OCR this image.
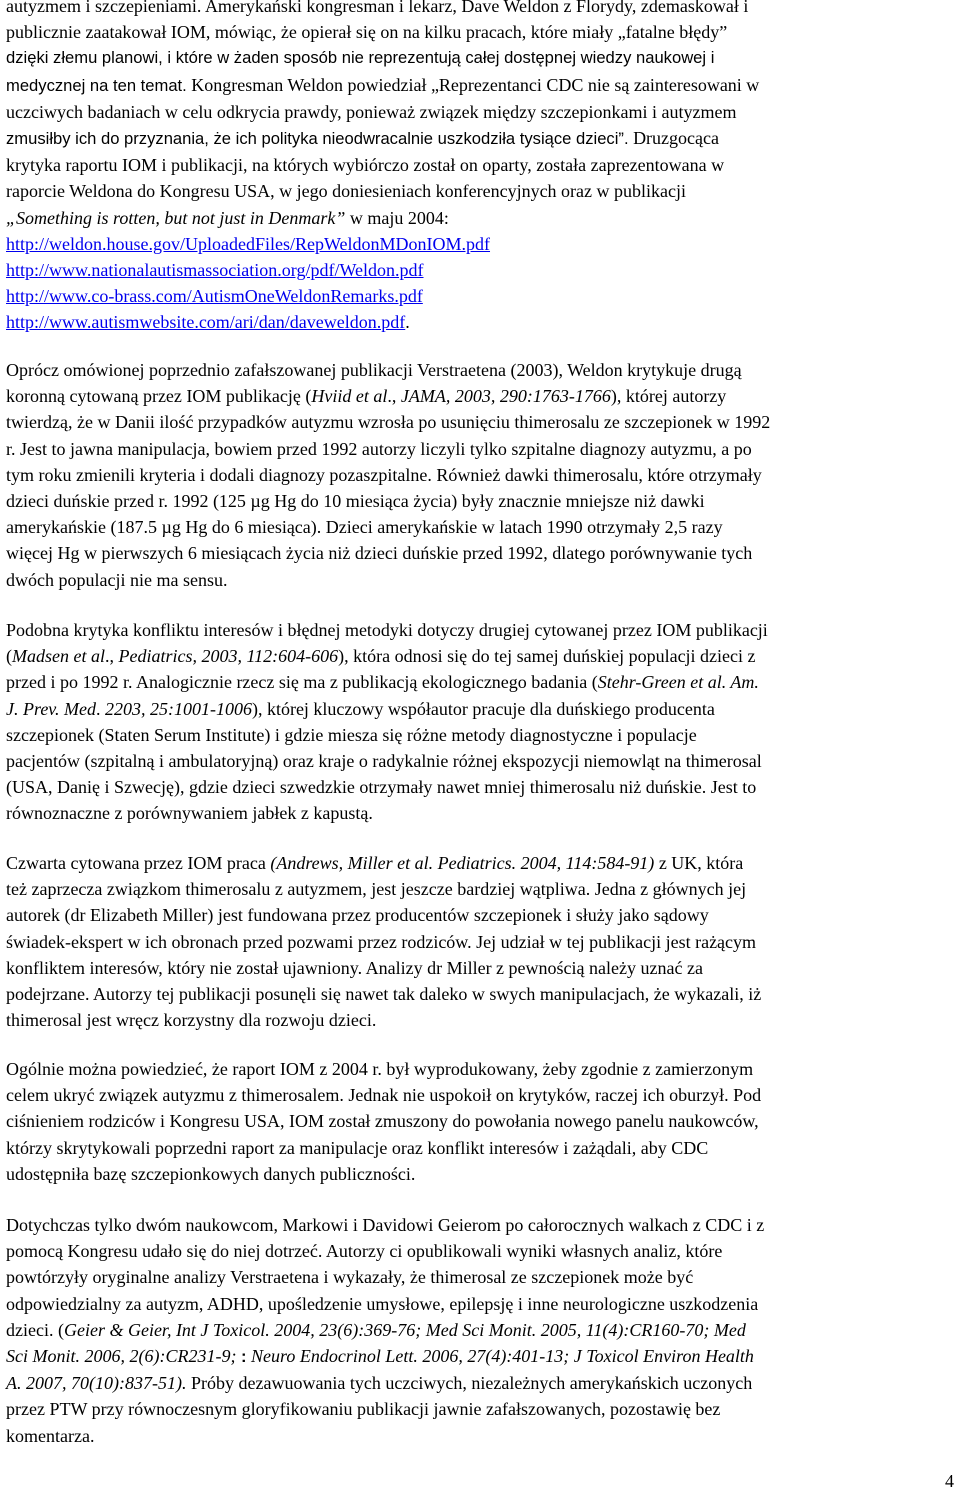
autyzmem i szczepieniami. Amerykański kongresman i lekarz, Dave Weldon z Florydy, zdemaskował i
publicznie zaatakował IOM, mówiąc, że opierał się on na kilku pracach, które miały „fatalne błędy”
dzięki złemu planowi, i które w żaden sposób nie reprezentują całej dostępnej wiedzy naukowej i
medycznej na ten temat. Kongresman Weldon powiedział „Reprezentanci CDC nie są zainteresowani w
uczciwych badaniach w celu odkrycia prawdy, ponieważ związek między szczepionkami i autyzmem
zmusiłby ich do przyznania, że ich polityka nieodwracalnie uszkodziła tysiące dzieci”. Druzgocąca
krytyka raportu IOM i publikacji, na których wybiórczo został on oparty, została zaprezentowana w
raporcie Weldona do Kongresu USA, w jego doniesieniach konferencyjnych oraz w publikacji
„Something is rotten, but not just in Denmark” w maju 2004:
http://weldon.house.gov/UploadedFiles/RepWeldonMDonIOM.pdf
http://www.nationalautismassociation.org/pdf/Weldon.pdf
http://www.co-brass.com/AutismOneWeldonRemarks.pdf
http://www.autismwebsite.com/ari/dan/daveweldon.pdf.
Oprócz omówionej poprzednio zafałszowanej publikacji Verstraetena (2003), Weldon krytykuje drugą
koronną cytowaną przez IOM publikację (Hviid et al., JAMA, 2003, 290:1763-1766), której autorzy
twierdzą, że w Danii ilość przypadków autyzmu wzrosła po usunięciu thimerosalu ze szczepionek w 1992
r. Jest to jawna manipulacja, bowiem przed 1992 autorzy liczyli tylko szpitalne diagnozy autyzmu, a po
tym roku zmienili kryteria i dodali diagnozy pozaszpitalne. Również dawki thimerosalu, które otrzymały
dzieci duńskie przed r. 1992 (125 µg Hg do 10 miesiąca życia) były znacznie mniejsze niż dawki
amerykańskie (187.5 µg Hg do 6 miesiąca). Dzieci amerykańskie w latach 1990 otrzymały 2,5 razy
więcej Hg w pierwszych 6 miesiącach życia niż dzieci duńskie przed 1992, dlatego porównywanie tych
dwóch populacji nie ma sensu.
Podobna krytyka konfliktu interesów i błędnej metodyki dotyczy drugiej cytowanej przez IOM publikacji
(Madsen et al., Pediatrics, 2003, 112:604-606), która odnosi się do tej samej duńskiej populacji dzieci z
przed i po 1992 r. Analogicznie rzecz się ma z publikacją ekologicznego badania (Stehr-Green et al. Am.
J. Prev. Med. 2203, 25:1001-1006), której kluczowy współautor pracuje dla duńskiego producenta
szczepionek (Staten Serum Institute) i gdzie miesza się różne metody diagnostyczne i populacje
pacjentów (szpitalną i ambulatoryjną) oraz kraje o radykalnie różnej ekspozycji niemowląt na thimerosal
(USA, Danię i Szwecję), gdzie dzieci szwedzkie otrzymały nawet mniej thimerosalu niż duńskie. Jest to
równoznaczne z porównywaniem jabłek z kapustą.
Czwarta cytowana przez IOM praca (Andrews, Miller et al. Pediatrics. 2004, 114:584-91) z UK, która
też zaprzecza związkom thimerosalu z autyzmem, jest jeszcze bardziej wątpliwa. Jedna z głównych jej
autorek (dr Elizabeth Miller) jest fundowana przez producentów szczepionek i służy jako sądowy
świadek-ekspert w ich obronach przed pozwami przez rodziców. Jej udział w tej publikacji jest rażącym
konfliktem interesów, który nie został ujawniony. Analizy dr Miller z pewnością należy uznać za
podejrzane. Autorzy tej publikacji posunęli się nawet tak daleko w swych manipulacjach, że wykazali, iż
thimerosal jest wręcz korzystny dla rozwoju dzieci.
Ogólnie można powiedzieć, że raport IOM z 2004 r. był wyprodukowany, żeby zgodnie z zamierzonym
celem ukryć związek autyzmu z thimerosalem. Jednak nie uspokoił on krytyków, raczej ich oburzył. Pod
ciśnieniem rodziców i Kongresu USA, IOM został zmuszony do powołania nowego panelu naukowców,
którzy skrytykowali poprzedni raport za manipulacje oraz konflikt interesów i zażądali, aby CDC
udostępniła bazę szczepionkowych danych publiczności.
Dotychczas tylko dwóm naukowcom, Markowi i Davidowi Geierom po całorocznych walkach z CDC i z
pomocą Kongresu udało się do niej dotrzeć. Autorzy ci opublikowali wyniki własnych analiz, które
powtórzyły oryginalne analizy Verstraetena i wykazały, że thimerosal ze szczepionek może być
odpowiedzialny za autyzm, ADHD, upośledzenie umysłowe, epilepsję i inne neurologiczne uszkodzenia
dzieci. (Geier & Geier, Int J Toxicol. 2004, 23(6):369-76; Med Sci Monit. 2005, 11(4):CR160-70; Med
Sci Monit. 2006, 2(6):CR231-9; : Neuro Endocrinol Lett. 2006, 27(4):401-13; J Toxicol Environ Health
A. 2007, 70(10):837-51). Próby dezawuowania tych uczciwych, niezależnych amerykańskich uczonych
przez PTW przy równoczesnym gloryfikowaniu publikacji jawnie zafałszowanych, pozostawię bez
komentarza.
4
